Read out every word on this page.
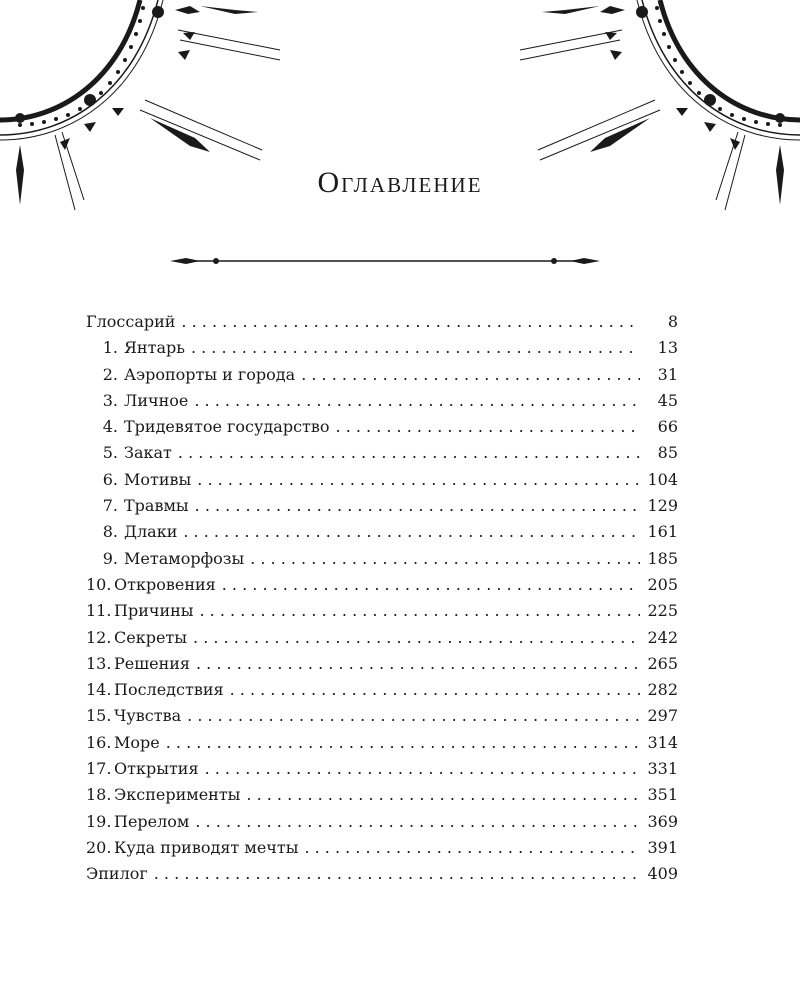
Оглавление
Глоссарий . . .	8
1. Янтарь . . .	13
2. Аэропорты и города . . .	31
3. Личное . . .	45
4. Тридевятое государство . . .	66
5. Закат . . .	85
6. Мотивы . . .	104
7. Травмы . . .	129
8. Длаки . . .	161
9. Метаморфозы . . .	185
10. Откровения . . .	205
11. Причины . . .	225
12. Секреты . . .	242
13. Решения . . .	265
14. Последствия . . .	282
15. Чувства . . .	297
16. Море . . .	314
17. Открытия . . .	331
18. Эксперименты . . .	351
19. Перелом . . .	369
20. Куда приводят мечты . . .	391
Эпилог . . .	409
